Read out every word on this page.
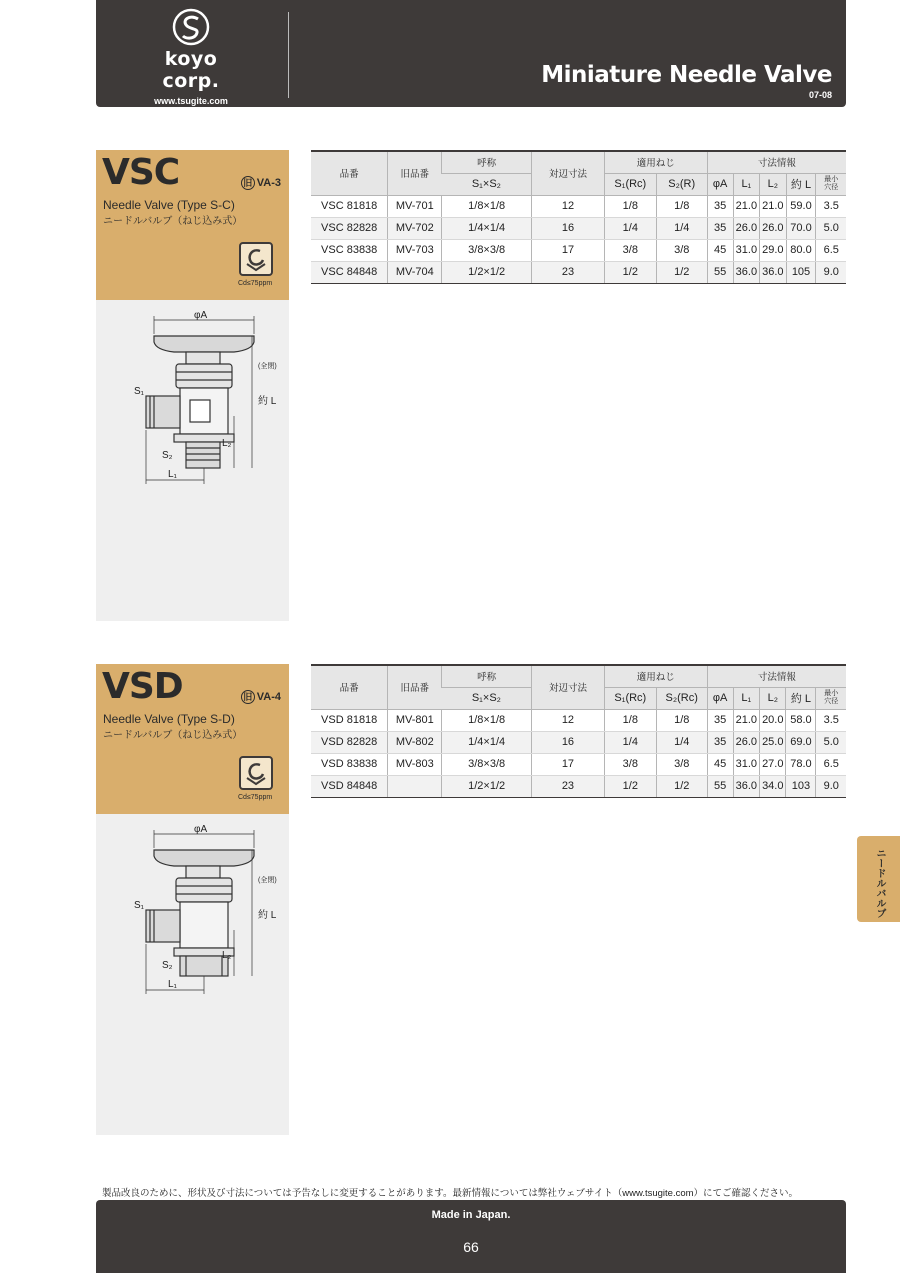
koyo corp.
www.tsugite.com
Miniature Needle Valve
07-08
VSC	旧 VA-3
Needle Valve (Type S-C)
ニードルバルブ（ねじ込み式）
Cd≤75ppm
φA
S₁
S₂
L₁
L₂
約 L
(全閉)
品番	旧品番	呼称	対辺寸法	適用ねじ		寸法情報				
		S₁×S₂		S₁(Rc)	S₂(R)	φA	L₁	L₂	約 L	最小
穴径
VSC 81818	MV-701	1/8×1/8	12	1/8	1/8	35	21.0	21.0	59.0	3.5
VSC 82828	MV-702	1/4×1/4	16	1/4	1/4	35	26.0	26.0	70.0	5.0
VSC 83838	MV-703	3/8×3/8	17	3/8	3/8	45	31.0	29.0	80.0	6.5
VSC 84848	MV-704	1/2×1/2	23	1/2	1/2	55	36.0	36.0	105	9.0
VSD	旧 VA-4
Needle Valve (Type S-D)
ニードルバルブ（ねじ込み式）
Cd≤75ppm
φA
S₁
S₂
L₁
L₂
約 L
(全閉)
品番	旧品番	呼称	対辺寸法	適用ねじ		寸法情報				
		S₁×S₂		S₁(Rc)	S₂(Rc)	φA	L₁	L₂	約 L	最小
穴径
VSD 81818	MV-801	1/8×1/8	12	1/8	1/8	35	21.0	20.0	58.0	3.5
VSD 82828	MV-802	1/4×1/4	16	1/4	1/4	35	26.0	25.0	69.0	5.0
VSD 83838	MV-803	3/8×3/8	17	3/8	3/8	45	31.0	27.0	78.0	6.5
VSD 84848		1/2×1/2	23	1/2	1/2	55	36.0	34.0	103	9.0
ニードルバルブ
製品改良のために、形状及び寸法については予告なしに変更することがあります。最新情報については弊社ウェブサイト（www.tsugite.com）にてご確認ください。
Made in Japan.
66
